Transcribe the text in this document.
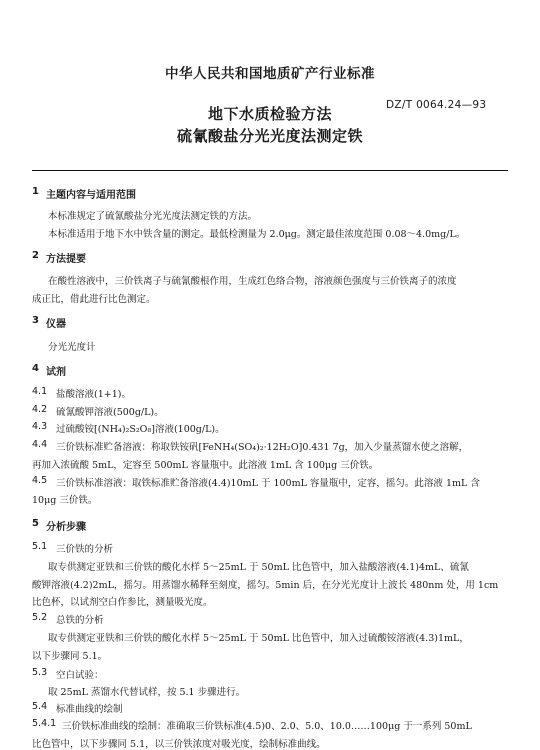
中华人民共和国地质矿产行业标准
地下水质检验方法
硫氰酸盐分光光度法测定铁
DZ/T 0064.24—93
1 主题内容与适用范围
本标准规定了硫氰酸盐分光光度法测定铁的方法。
本标准适用于地下水中铁含量的测定。最低检测量为 2.0μg。测定最佳浓度范围 0.08～4.0mg/L。
2 方法提要
在酸性溶液中，三价铁离子与硫氰酸根作用，生成红色络合物，溶液颜色强度与三价铁离子的浓度
成正比，借此进行比色测定。
3 仪器
分光光度计
4 试剂
4.1 盐酸溶液(1+1)。
4.2 硫氰酸钾溶液(500g/L)。
4.3 过硫酸铵[(NH₄)₂S₂O₈]溶液(100g/L)。
4.4 三价铁标准贮备溶液：称取铁铵矾[FeNH₄(SO₄)₂·12H₂O]0.431 7g，加入少量蒸馏水使之溶解，
再加入浓硫酸 5mL，定容至 500mL 容量瓶中。此溶液 1mL 含 100μg 三价铁。
4.5 三价铁标准溶液：取铁标准贮备溶液(4.4)10mL 于 100mL 容量瓶中，定容，摇匀。此溶液 1mL 含
10μg 三价铁。
5 分析步骤
5.1 三价铁的分析
取专供测定亚铁和三价铁的酸化水样 5～25mL 于 50mL 比色管中，加入盐酸溶液(4.1)4mL、硫氰
酸钾溶液(4.2)2mL，摇匀。用蒸馏水稀释至刻度，摇匀。5min 后，在分光光度计上波长 480nm 处，用 1cm
比色杯，以试剂空白作参比，测量吸光度。
5.2 总铁的分析
取专供测定亚铁和三价铁的酸化水样 5～25mL 于 50mL 比色管中，加入过硫酸铵溶液(4.3)1mL，
以下步骤同 5.1。
5.3 空白试验：
取 25mL 蒸馏水代替试样，按 5.1 步骤进行。
5.4 标准曲线的绘制
5.4.1 三价铁标准曲线的绘制：准确取三价铁标准(4.5)0、2.0、5.0、10.0……100μg 于一系列 50mL
比色管中，以下步骤同 5.1，以三价铁浓度对吸光度，绘制标准曲线。
